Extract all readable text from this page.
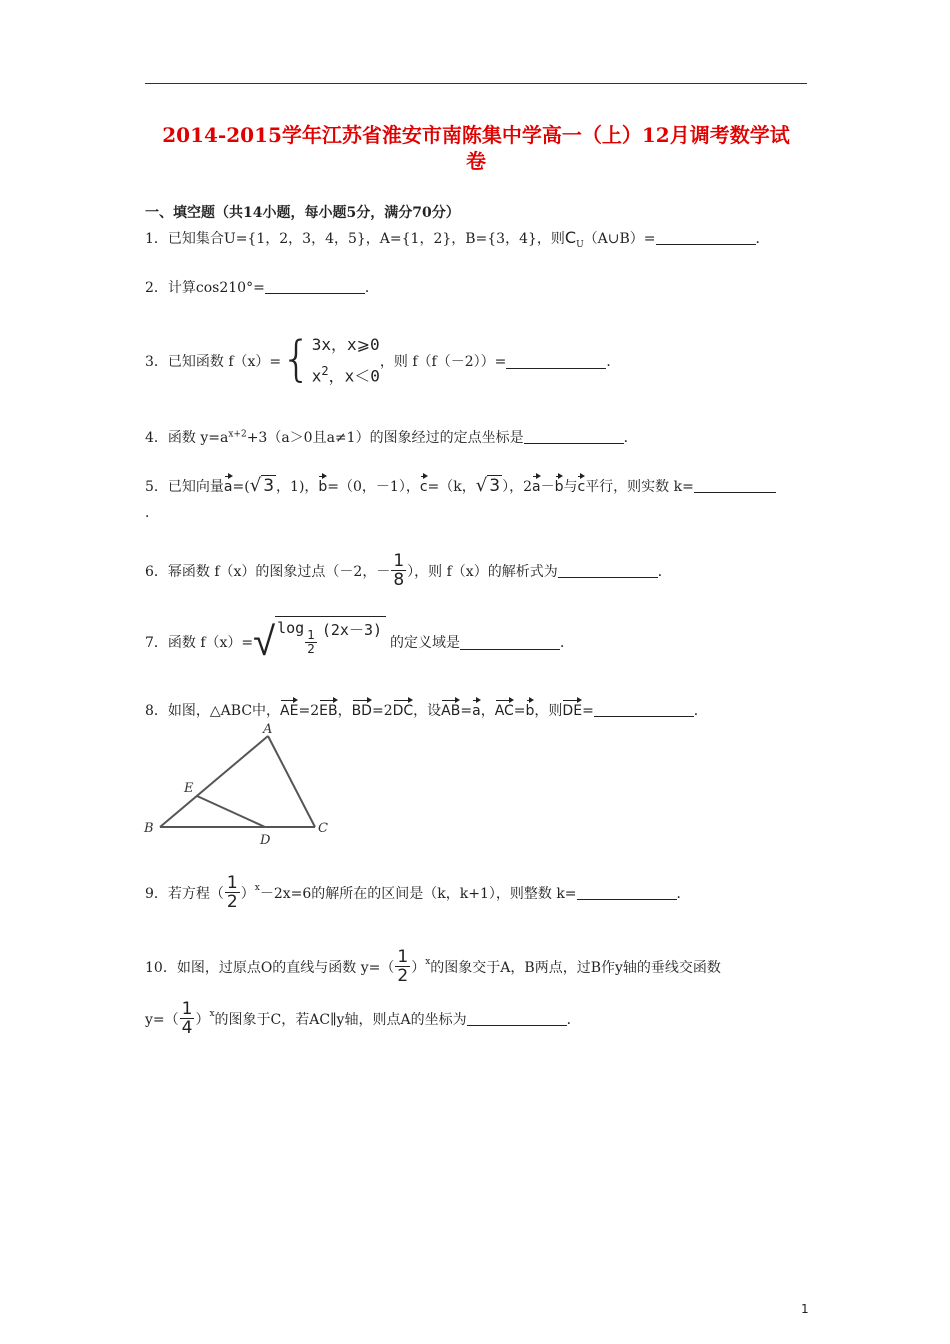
2014-2015学年江苏省淮安市南陈集中学高一（上）12月调考数学试
卷
一、填空题（共14小题，每小题5分，满分70分）
1．已知集合U={1，2，3，4，5}，A={1，2}，B={3，4}，则$C_U(A\cup B)=$	．
2．计算cos210°=	．
3．已知函数 f（x）= { 3x，x⩾0
$x^2$，x＜0
，则 f（f（－2））=	．
4．函数 $y=a^{x+2}+3(a>0$且a≠1）的图象经过的定点坐标是	．
5．已知向量a=(√ 3 ，1)，b=（0，－1），c=（k，√ 3 ），2a－b与c平行，则实数 k=
．
6．幂函数 f（x）的图象过点（－2，－ $\frac{1}{8}$ ），则 f（x）的解析式为	．
7．函数 f（x）= √ log
$\frac{1}{2} (2x-3)$
的定义域是	．
8．如图，△ABC中，AE=2EB，BD=2DC，设AB=a，AC=b，则DE=	．
A
B	C
D
E
9．若方程（ $\frac{1}{2} )^x -2x=6$的解所在的区间是（k，k+1），则整数 k=	．
10．如图，过原点O的直线与函数 $y=( \frac{1}{2} )^x$ 的图象交于A，B两点，过B作y轴的垂线交函数
$y=( \frac{1}{4} )^x$ 的图象于C，若AC∥y轴，则点A的坐标为	．
1
